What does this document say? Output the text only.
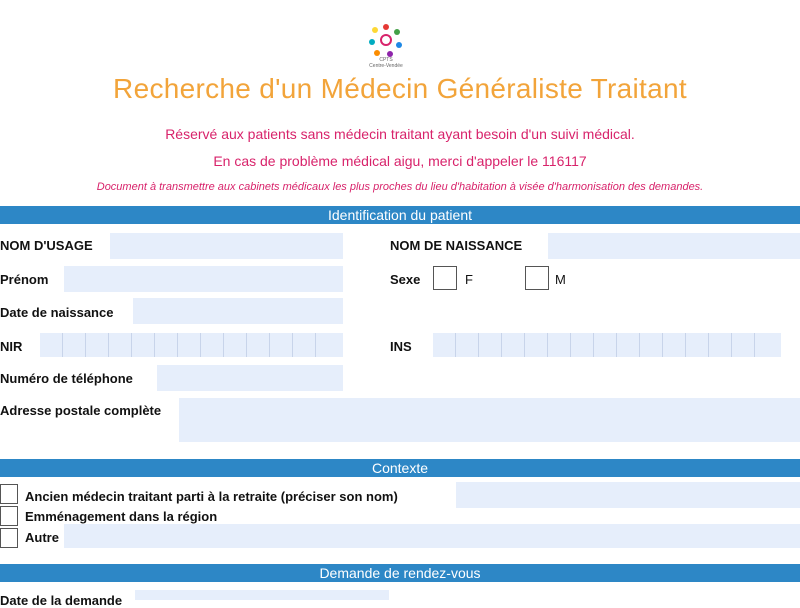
CPTS
Centre-Vendée
Recherche d'un Médecin Généraliste Traitant
Réservé aux patients sans médecin traitant ayant besoin d'un suivi médical.
En cas de problème médical aigu, merci d'appeler le 116117
Document à transmettre aux cabinets médicaux les plus proches du lieu d'habitation à visée d'harmonisation des demandes.
Identification du patient
NOM D'USAGE	NOM DE NAISSANCE
Prénom	Sexe	F	M
Date de naissance
NIR	INS
Numéro de téléphone
Adresse postale complète
Contexte
Ancien médecin traitant parti à la retraite (préciser son nom)
Emménagement dans la région
Autre
Demande de rendez-vous
Date de la demande
